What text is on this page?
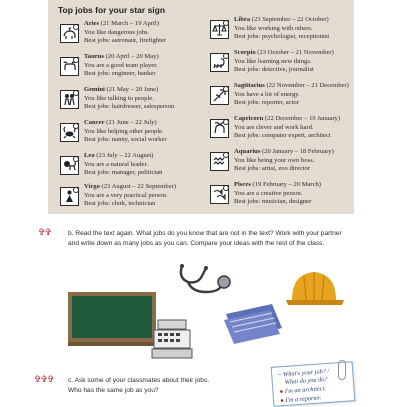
Top jobs for your star sign
Aries (21 March – 19 April)
You like dangerous jobs.
Best jobs: astronaut, firefighter
Taurus (20 April – 20 May)
You are a good team player.
Best jobs: engineer, banker
Gemini (21 May – 20 June)
You like talking to people.
Best jobs: hairdresser, salesperson
Cancer (21 June – 22 July)
You like helping other people.
Best jobs: nanny, social worker
Leo (23 July – 22 August)
You are a natural leader.
Best jobs: manager, politician
Virgo (23 August – 22 September)
You are a very practical person.
Best jobs: clerk, technician
Libra (23 September – 22 October)
You like working with others.
Best jobs: psychologist, receptionist
Scorpio (23 October – 21 November)
You like learning new things.
Best jobs: detective, journalist
Sagittarius (22 November – 21 December)
You have a lot of energy.
Best jobs: reporter, actor
Capricorn (22 December – 19 January)
You are clever and work hard.
Best jobs: computer expert, architect
Aquarius (20 January – 18 February)
You like being your own boss.
Best jobs: artist, zoo director
Pisces (19 February – 20 March)
You are a creative person.
Best jobs: musician, designer
✞✞	b. Read the text again. What jobs do you know that are not in the text? Work with your partner and write down as many jobs as you can. Compare your ideas with the rest of the class.
✞✞✞ c. Ask some of your classmates about their jobs.
Who has the same job as you?
– What's your job? /
What do you do?
● I'm an architect.
● I'm a reporter.
